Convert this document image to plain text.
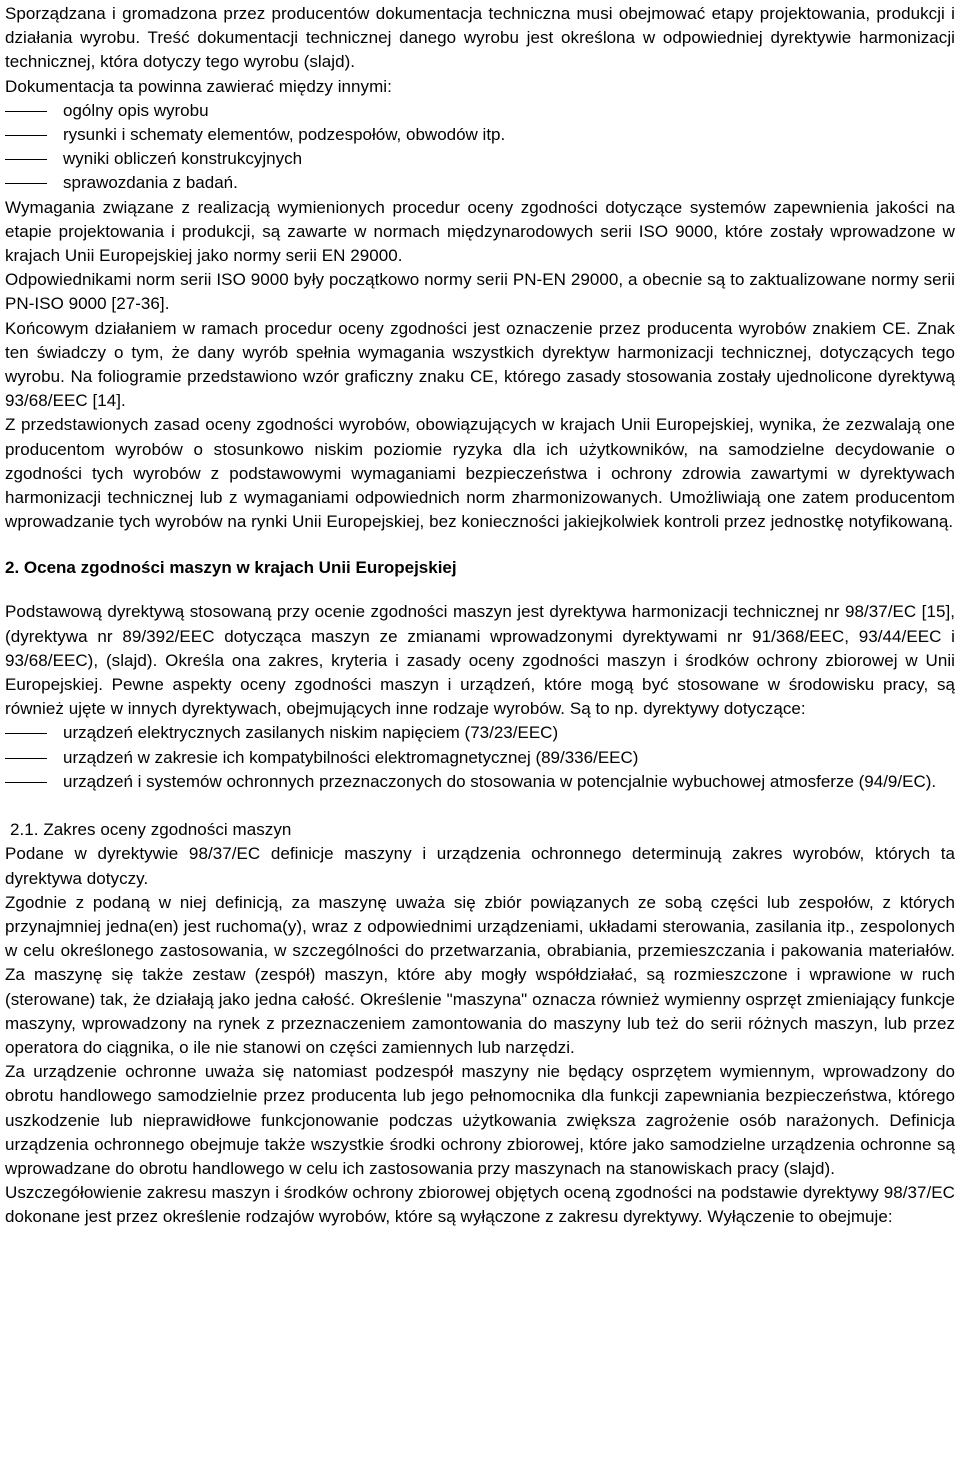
Sporządzana i gromadzona przez producentów dokumentacja techniczna musi obejmować etapy projektowania, produkcji i działania wyrobu. Treść dokumentacji technicznej danego wyrobu jest określona w odpowiedniej dyrektywie harmonizacji technicznej, która dotyczy tego wyrobu (slajd).

Dokumentacja ta powinna zawierać między innymi:

ogólny opis wyrobu
rysunki i schematy elementów, podzespołów, obwodów itp.
wyniki obliczeń konstrukcyjnych
sprawozdania z badań.

Wymagania związane z realizacją wymienionych procedur oceny zgodności dotyczące systemów zapewnienia jakości na etapie projektowania i produkcji, są zawarte w normach międzynarodowych serii ISO 9000, które zostały wprowadzone w krajach Unii Europejskiej jako normy serii EN 29000.

Odpowiednikami norm serii ISO 9000 były początkowo normy serii PN-EN 29000, a obecnie są to zaktualizowane normy serii PN-ISO 9000 [27-36].

Końcowym działaniem w ramach procedur oceny zgodności jest oznaczenie przez producenta wyrobów znakiem CE. Znak ten świadczy o tym, że dany wyrób spełnia wymagania wszystkich dyrektyw harmonizacji technicznej, dotyczących tego wyrobu. Na foliogramie przedstawiono wzór graficzny znaku CE, którego zasady stosowania zostały ujednolicone dyrektywą 93/68/EEC [14].

Z przedstawionych zasad oceny zgodności wyrobów, obowiązujących w krajach Unii Europejskiej, wynika, że zezwalają one producentom wyrobów o stosunkowo niskim poziomie ryzyka dla ich użytkowników, na samodzielne decydowanie o zgodności tych wyrobów z podstawowymi wymaganiami bezpieczeństwa i ochrony zdrowia zawartymi w dyrektywach harmonizacji technicznej lub z wymaganiami odpowiednich norm zharmonizowanych. Umożliwiają one zatem producentom wprowadzanie tych wyrobów na rynki Unii Europejskiej, bez konieczności jakiejkolwiek kontroli przez jednostkę notyfikowaną.

2. Ocena zgodności maszyn w krajach Unii Europejskiej

Podstawową dyrektywą stosowaną przy ocenie zgodności maszyn jest dyrektywa harmonizacji technicznej nr 98/37/EC [15], (dyrektywa nr 89/392/EEC dotycząca maszyn ze zmianami wprowadzonymi dyrektywami nr 91/368/EEC, 93/44/EEC i 93/68/EEC), (slajd). Określa ona zakres, kryteria i zasady oceny zgodności maszyn i środków ochrony zbiorowej w Unii Europejskiej. Pewne aspekty oceny zgodności maszyn i urządzeń, które mogą być stosowane w środowisku pracy, są również ujęte w innych dyrektywach, obejmujących inne rodzaje wyrobów. Są to np. dyrektywy dotyczące:

urządzeń elektrycznych zasilanych niskim napięciem (73/23/EEC)
urządzeń w zakresie ich kompatybilności elektromagnetycznej (89/336/EEC)
urządzeń i systemów ochronnych przeznaczonych do stosowania w potencjalnie wybuchowej atmosferze (94/9/EC).

2.1. Zakres oceny zgodności maszyn

Podane w dyrektywie 98/37/EC definicje maszyny i urządzenia ochronnego determinują zakres wyrobów, których ta dyrektywa dotyczy.

Zgodnie z podaną w niej definicją, za maszynę uważa się zbiór powiązanych ze sobą części lub zespołów, z których przynajmniej jedna(en) jest ruchoma(y), wraz z odpowiednimi urządzeniami, układami sterowania, zasilania itp., zespolonych w celu określonego zastosowania, w szczególności do przetwarzania, obrabiania, przemieszczania i pakowania materiałów. Za maszynę się także zestaw (zespół) maszyn, które aby mogły współdziałać, są rozmieszczone i wprawione w ruch (sterowane) tak, że działają jako jedna całość. Określenie "maszyna" oznacza również wymienny osprzęt zmieniający funkcje maszyny, wprowadzony na rynek z przeznaczeniem zamontowania do maszyny lub też do serii różnych maszyn, lub przez operatora do ciągnika, o ile nie stanowi on części zamiennych lub narzędzi.

Za urządzenie ochronne uważa się natomiast podzespół maszyny nie będący osprzętem wymiennym, wprowadzony do obrotu handlowego samodzielnie przez producenta lub jego pełnomocnika dla funkcji zapewniania bezpieczeństwa, którego uszkodzenie lub nieprawidłowe funkcjonowanie podczas użytkowania zwiększa zagrożenie osób narażonych. Definicja urządzenia ochronnego obejmuje także wszystkie środki ochrony zbiorowej, które jako samodzielne urządzenia ochronne są wprowadzane do obrotu handlowego w celu ich zastosowania przy maszynach na stanowiskach pracy (slajd).

Uszczegółowienie zakresu maszyn i środków ochrony zbiorowej objętych oceną zgodności na podstawie dyrektywy 98/37/EC dokonane jest przez określenie rodzajów wyrobów, które są wyłączone z zakresu dyrektywy. Wyłączenie to obejmuje:
